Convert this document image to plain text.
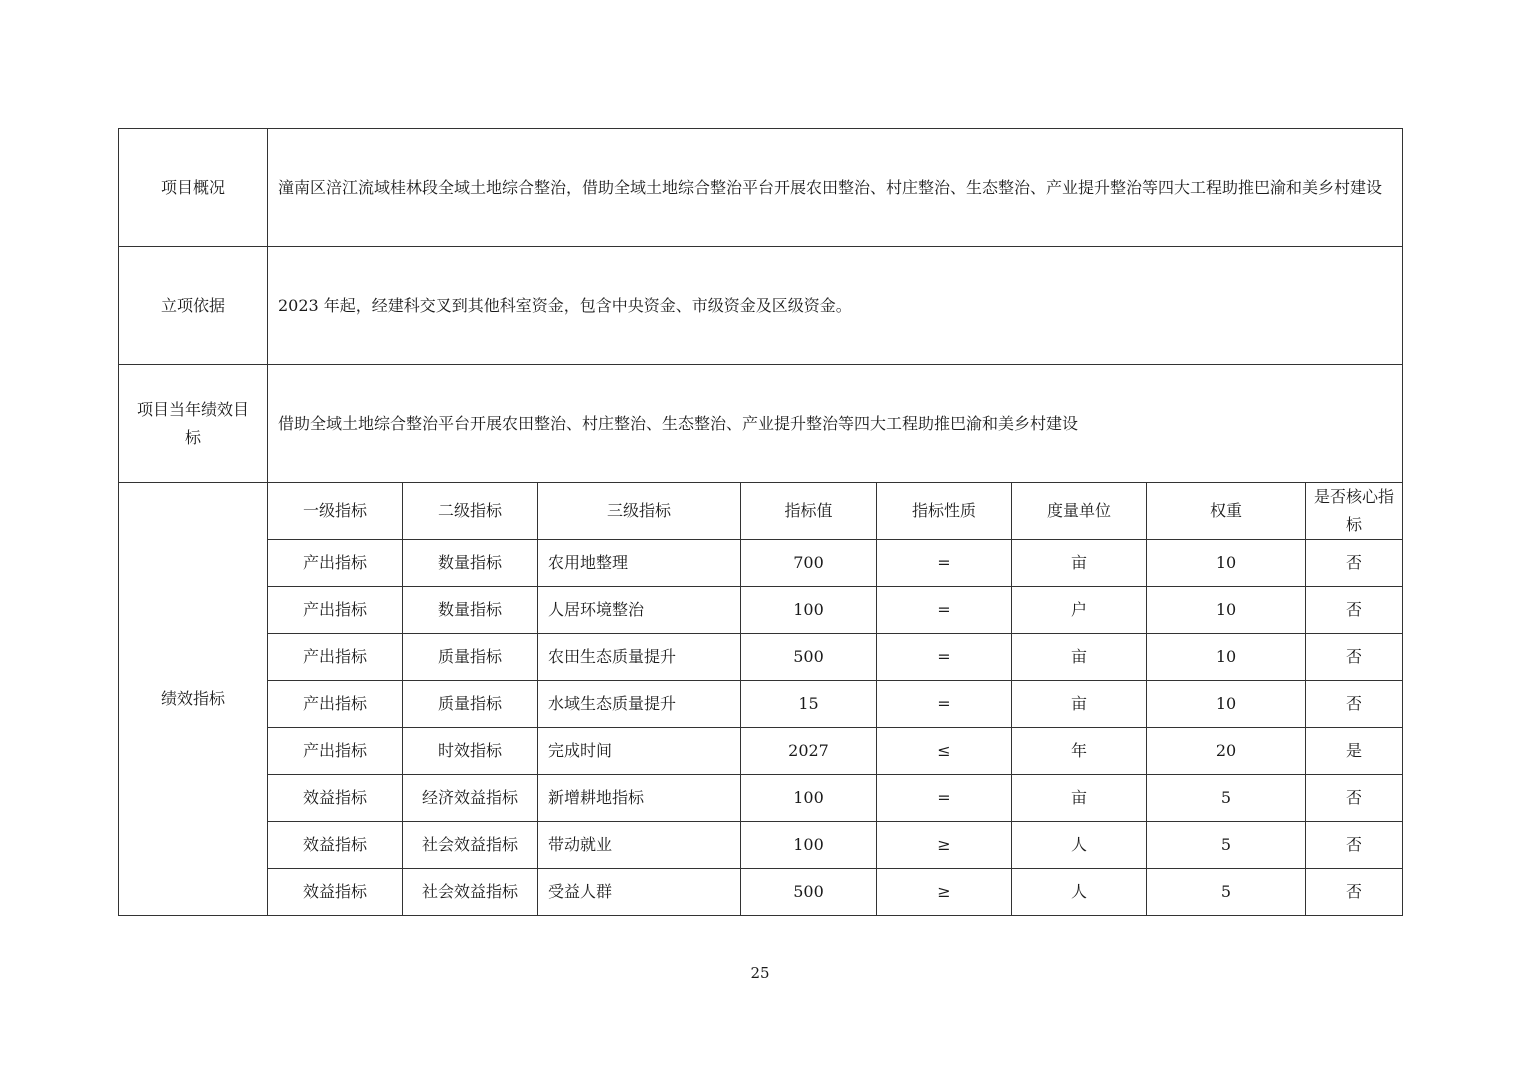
项目概况	潼南区涪江流域桂林段全域土地综合整治，借助全域土地综合整治平台开展农田整治、村庄整治、生态整治、产业提升整治等四大工程助推巴渝和美乡村建设							
立项依据	2023 年起，经建科交叉到其他科室资金，包含中央资金、市级资金及区级资金。							
项目当年绩效目标	借助全域土地综合整治平台开展农田整治、村庄整治、生态整治、产业提升整治等四大工程助推巴渝和美乡村建设							
绩效指标	一级指标	二级指标	三级指标	指标值	指标性质	度量单位	权重	是否核心指标
	产出指标	数量指标	农用地整理	700	=	亩	10	否
	产出指标	数量指标	人居环境整治	100	=	户	10	否
	产出指标	质量指标	农田生态质量提升	500	=	亩	10	否
	产出指标	质量指标	水域生态质量提升	15	=	亩	10	否
	产出指标	时效指标	完成时间	2027	≤	年	20	是
	效益指标	经济效益指标	新增耕地指标	100	=	亩	5	否
	效益指标	社会效益指标	带动就业	100	≥	人	5	否
	效益指标	社会效益指标	受益人群	500	≥	人	5	否
25
